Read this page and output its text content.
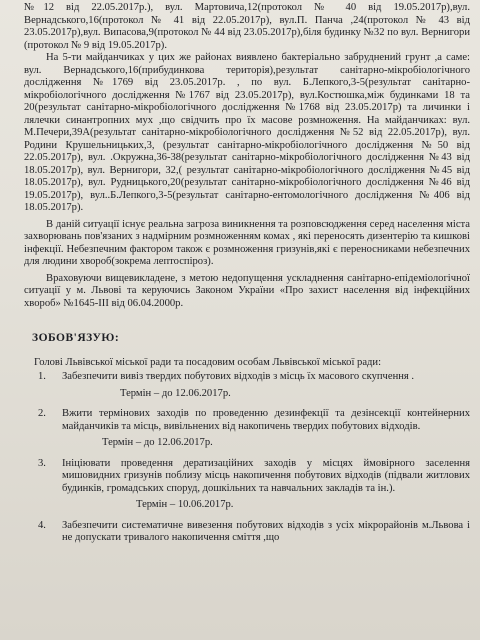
№12 від 22.05.2017р.), вул. Мартовича,12(протокол № 40 від 19.05.2017р),вул. Вернадського,16(протокол № 41 від 22.05.2017р), вул.П. Панча ,24(протокол № 43 від 23.05.2017р),вул. Випасова,9(протокол № 44 від 23.05.2017р),біля будинку №32 по вул. Вернигори (протокол № 9 від 19.05.2017р).

На 5-ти майданчиках у цих же районах виявлено бактеріально забруднений грунт ,а саме: вул. Вернадського,16(прибудинкова територія),результат санітарно-мікробіологічного дослідження №1769 від 23.05.2017р. , по вул. Б.Лепкого,3-5(результат санітарно-мікробіологічного дослідження №1767 від 23.05.2017р), вул.Костюшка,між будинками 18 та 20(результат санітарно-мікробіологічного дослідження №1768 від 23.05.2017р) та личинки і лялечки синантропних мух ,що свідчить про їх масове розмноження. На майданчиках: вул. М.Печери,39А(результат санітарно-мікробіологічного дослідження №52 від 22.05.2017р), вул. Родини Крушельницьких,3, (результат санітарно-мікробіологічного дослідження №50 від 22.05.2017р), вул. .Окружна,36-38(результат санітарно-мікробіологічного дослідження №43 від 18.05.2017р), вул. Вернигори, 32,( результат санітарно-мікробіологічного дослідження №45 від 18.05.2017р), вул. Рудницького,20(результат санітарно-мікробіологічного дослідження №46 від 19.05.2017р), вул..Б.Лепкого,3-5(результат санітарно-ентомологічного дослідження №406 від 18.05.2017р).

В даній ситуації існує реальна загроза виникнення та розповсюдження серед населення міста захворювань пов'язаних з надмірним розмноженням комах , які переносять дизентерію та кишкові інфекції. Небезпечним фактором також є розмноження гризунів,які є переносниками небезпечних для людини хвороб(зокрема лептоспіроз).

Враховуючи вищевикладене, з метою недопущення ускладнення санітарно-епідеміологічної ситуації у м. Львові та керуючись Законом України «Про захист населення від інфекційних хвороб» №1645-ІІІ від 06.04.2000р.

ЗОБОВ'ЯЗУЮ:

Голові Львівської міської ради та посадовим особам Львівської міської ради:

1.	Забезпечити вивіз твердих побутових відходів з місць їх масового скупчення .
Термін – до 12.06.2017р.
2.	Вжити термінових заходів по проведенню дезинфекції та дезінсекції контейнерних майданчиків та місць, вивільнених від накопичень твердих побутових відходів.
Термін – до 12.06.2017р.
3.	Ініціювати проведення дератизаційних заходів у місцях ймовірного заселення мишовидних гризунів поблизу місць накопичення побутових відходів (підвали житлових будинків, громадських споруд, дошкільних та навчальних закладів та ін.).
Термін – 10.06.2017р.
4.	Забезпечити систематичне вивезення побутових відходів з усіх мікрорайонів м.Львова і не допускати тривалого накопичення сміття ,що
